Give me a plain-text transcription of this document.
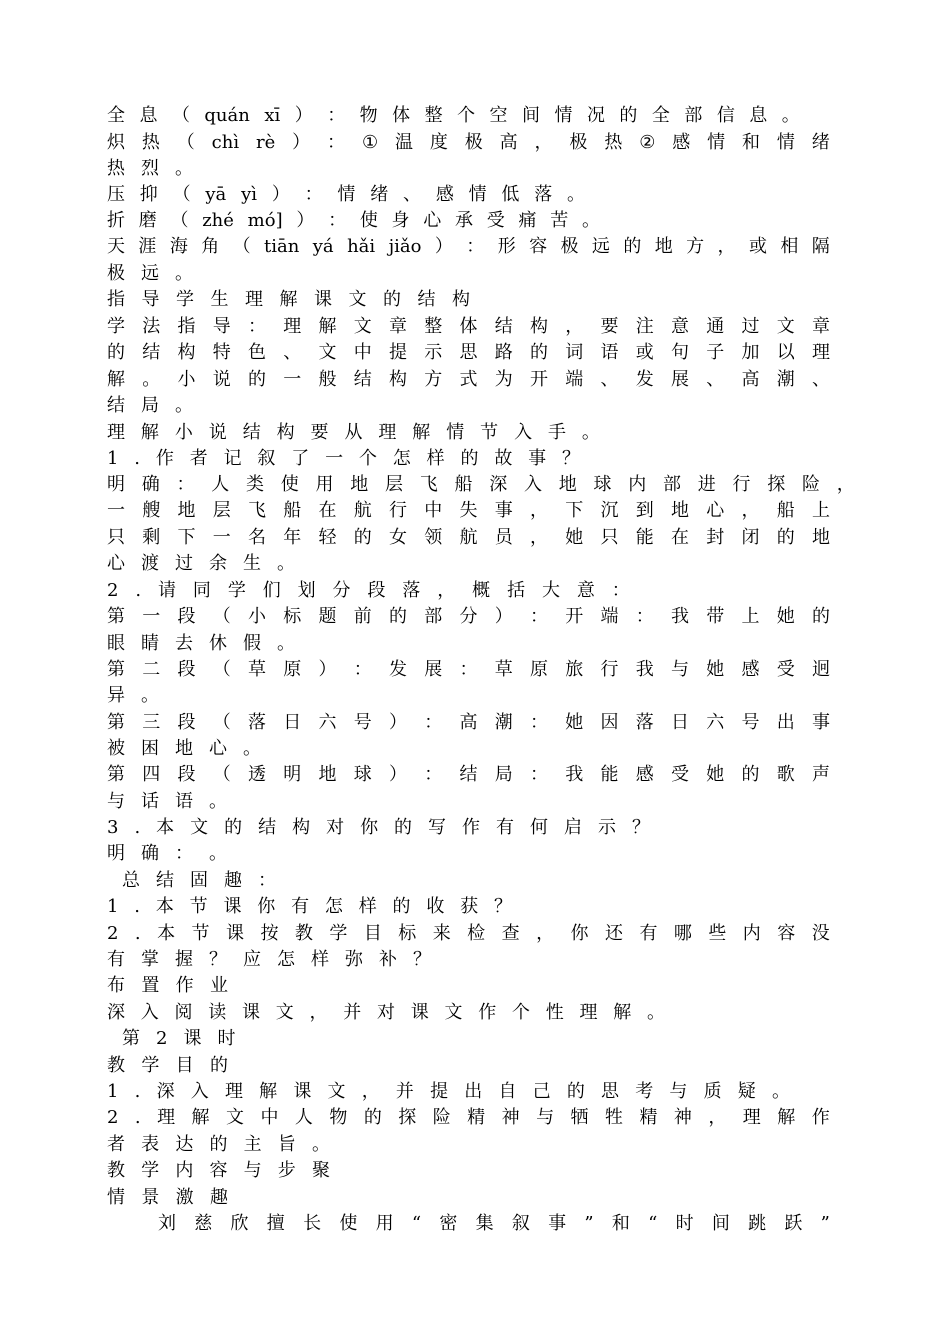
全 息 （ quán xī ） ： 物 体 整 个 空 间 情 况 的 全 部 信 息 。
炽 热 （ chì rè ） ： ① 温 度 极 高 ， 极 热 ② 感 情 和 情 绪
热 烈 。
压 抑 （ yā yì ） ： 情 绪 、 感 情 低 落 。
折 磨 （ zhé mó] ） ： 使 身 心 承 受 痛 苦 。
天 涯 海 角 （ tiān yá hǎi jiǎo ） ： 形 容 极 远 的 地 方 ， 或 相 隔
极 远 。
指 导 学 生 理 解 课 文 的 结 构
学 法 指 导 ： 理 解 文 章 整 体 结 构 ， 要 注 意 通 过 文 章
的 结 构 特 色 、 文 中 提 示 思 路 的 词 语 或 句 子 加 以 理
解 。 小 说 的 一 般 结 构 方 式 为 开 端 、 发 展 、 高 潮 、
结 局 。
理 解 小 说 结 构 要 从 理 解 情 节 入 手 。
1 . 作 者 记 叙 了 一 个 怎 样 的 故 事 ？
明 确 ： 人 类 使 用 地 层 飞 船 深 入 地 球 内 部 进 行 探 险 ，
一 艘 地 层 飞 船 在 航 行 中 失 事 ， 下 沉 到 地 心 ， 船 上
只 剩 下 一 名 年 轻 的 女 领 航 员 ， 她 只 能 在 封 闭 的 地
心 渡 过 余 生 。
2 . 请 同 学 们 划 分 段 落 ， 概 括 大 意 ：
第 一 段 （ 小 标 题 前 的 部 分 ） ： 开 端 ： 我 带 上 她 的
眼 睛 去 休 假 。
第 二 段 （ 草 原 ） ： 发 展 ： 草 原 旅 行 我 与 她 感 受 迥
异 。
第 三 段 （ 落 日 六 号 ） ： 高 潮 ： 她 因 落 日 六 号 出 事
被 困 地 心 。
第 四 段 （ 透 明 地 球 ） ： 结 局 ： 我 能 感 受 她 的 歌 声
与 话 语 。
3 . 本 文 的 结 构 对 你 的 写 作 有 何 启 示 ？
明 确 ： 。
总 结 固 趣 ：
1 . 本 节 课 你 有 怎 样 的 收 获 ？
2 . 本 节 课 按 教 学 目 标 来 检 查 ， 你 还 有 哪 些 内 容 没
有 掌 握 ？ 应 怎 样 弥 补 ？
布 置 作 业
深 入 阅 读 课 文 ， 并 对 课 文 作 个 性 理 解 。
第 2 课 时
教 学 目 的
1 . 深 入 理 解 课 文 ， 并 提 出 自 己 的 思 考 与 质 疑 。
2 . 理 解 文 中 人 物 的 探 险 精 神 与 牺 牲 精 神 ， 理 解 作
者 表 达 的 主 旨 。
教 学 内 容 与 步 聚
情 景 激 趣
刘 慈 欣 擅 长 使 用 “ 密 集 叙 事 ” 和 “ 时 间 跳 跃 ”
